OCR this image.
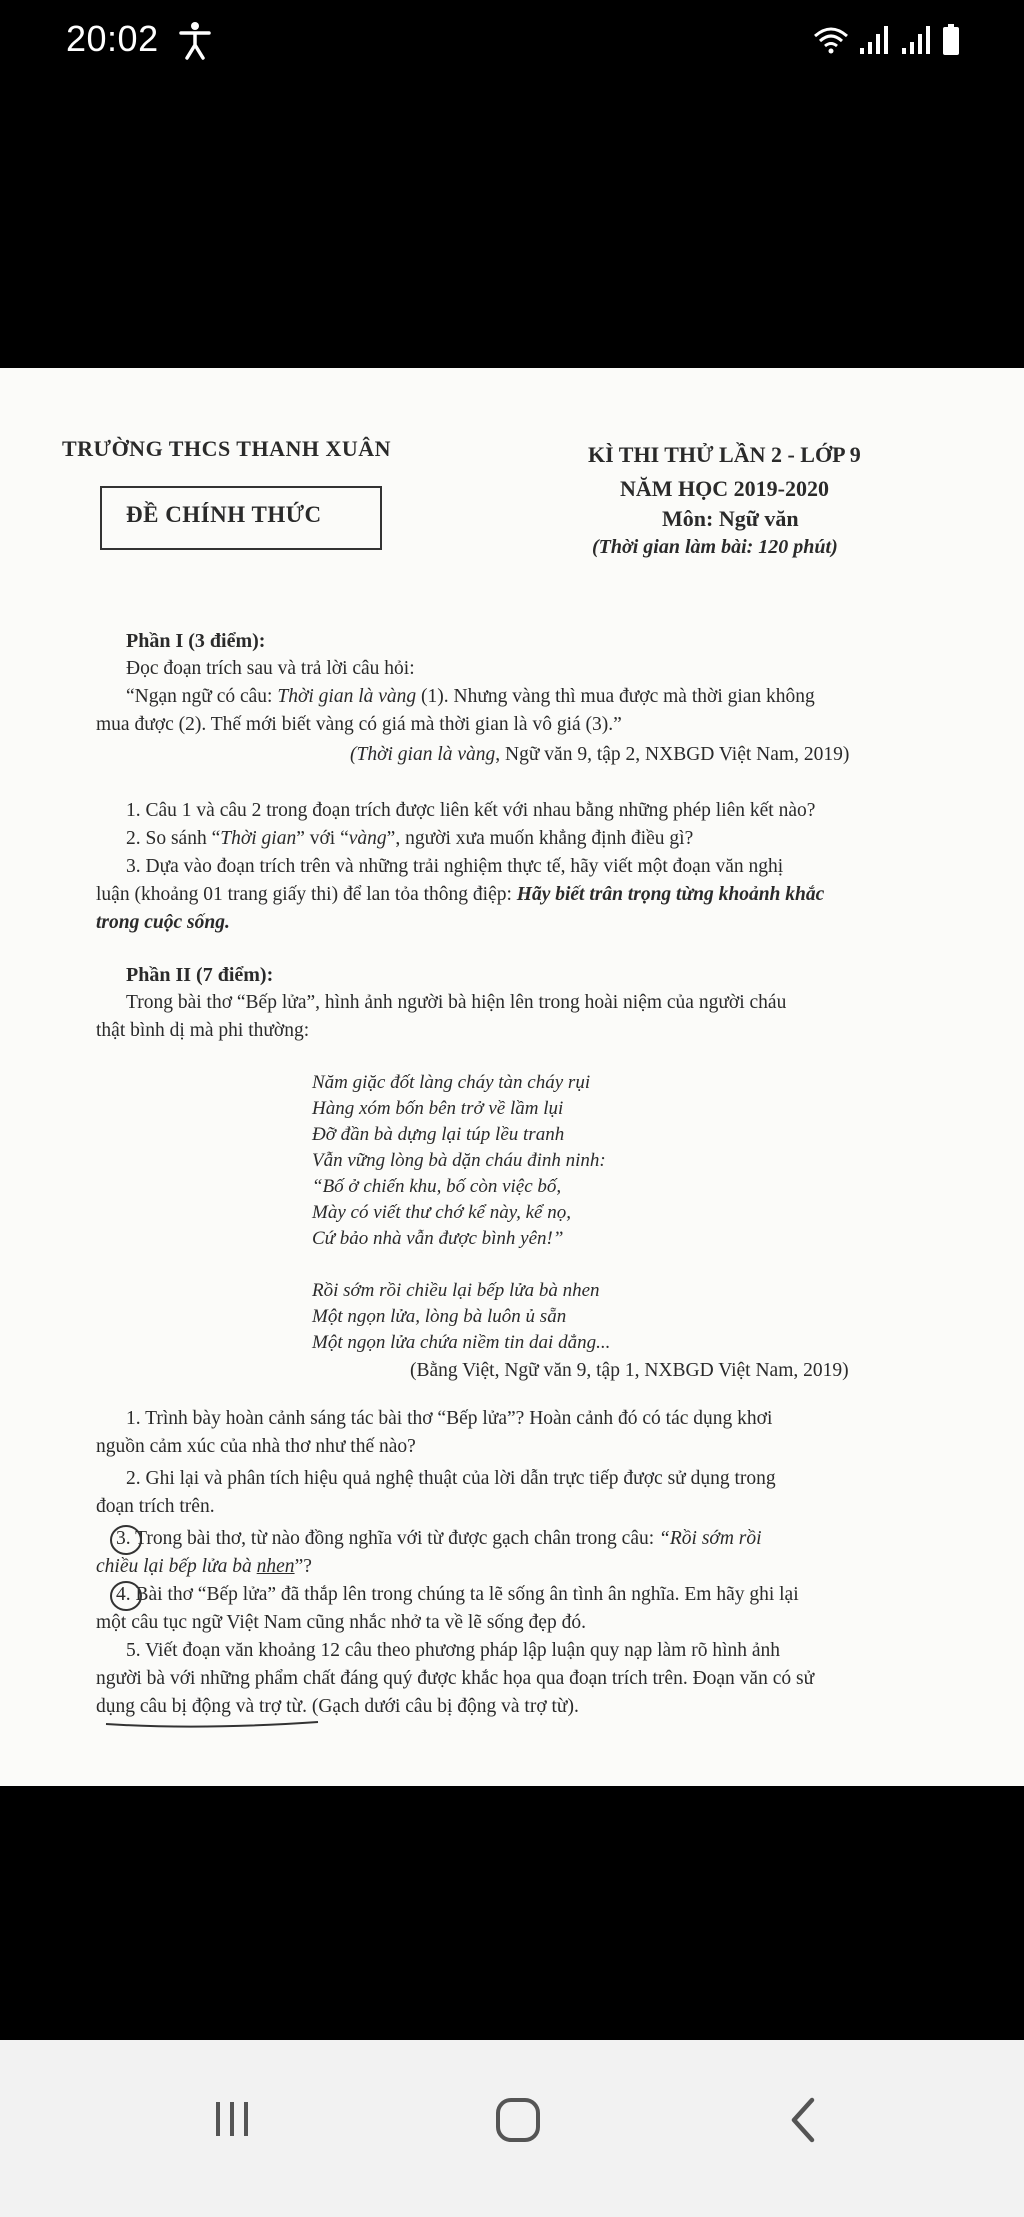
20:02
TRƯỜNG THCS THANH XUÂN
ĐỀ CHÍNH THỨC
KÌ THI THỬ LẦN 2 - LỚP 9
NĂM HỌC 2019-2020
Môn: Ngữ văn
(Thời gian làm bài: 120 phút)
Phần I (3 điểm):
Đọc đoạn trích sau và trả lời câu hỏi:
“Ngạn ngữ có câu: Thời gian là vàng (1). Nhưng vàng thì mua được mà thời gian không
mua được (2). Thế mới biết vàng có giá mà thời gian là vô giá (3).”
(Thời gian là vàng, Ngữ văn 9, tập 2, NXBGD Việt Nam, 2019)
1. Câu 1 và câu 2 trong đoạn trích được liên kết với nhau bằng những phép liên kết nào?
2. So sánh “Thời gian” với “vàng”, người xưa muốn khẳng định điều gì?
3. Dựa vào đoạn trích trên và những trải nghiệm thực tế, hãy viết một đoạn văn nghị
luận (khoảng 01 trang giấy thi) để lan tỏa thông điệp: Hãy biết trân trọng từng khoảnh khắc
trong cuộc sống.
Phần II (7 điểm):
Trong bài thơ “Bếp lửa”, hình ảnh người bà hiện lên trong hoài niệm của người cháu
thật bình dị mà phi thường:
Năm giặc đốt làng cháy tàn cháy rụi
Hàng xóm bốn bên trở về lầm lụi
Đỡ đần bà dựng lại túp lều tranh
Vẫn vững lòng bà dặn cháu đinh ninh:
“Bố ở chiến khu, bố còn việc bố,
Mày có viết thư chớ kể này, kể nọ,
Cứ bảo nhà vẫn được bình yên!”
Rồi sớm rồi chiều lại bếp lửa bà nhen
Một ngọn lửa, lòng bà luôn ủ sẵn
Một ngọn lửa chứa niềm tin dai dẳng...
(Bằng Việt, Ngữ văn 9, tập 1, NXBGD Việt Nam, 2019)
1. Trình bày hoàn cảnh sáng tác bài thơ “Bếp lửa”? Hoàn cảnh đó có tác dụng khơi
nguồn cảm xúc của nhà thơ như thế nào?
2. Ghi lại và phân tích hiệu quả nghệ thuật của lời dẫn trực tiếp được sử dụng trong
đoạn trích trên.
3. Trong bài thơ, từ nào đồng nghĩa với từ được gạch chân trong câu: “Rồi sớm rồi
chiều lại bếp lửa bà nhen”?
4. Bài thơ “Bếp lửa” đã thắp lên trong chúng ta lẽ sống ân tình ân nghĩa. Em hãy ghi lại
một câu tục ngữ Việt Nam cũng nhắc nhở ta về lẽ sống đẹp đó.
5. Viết đoạn văn khoảng 12 câu theo phương pháp lập luận quy nạp làm rõ hình ảnh
người bà với những phẩm chất đáng quý được khắc họa qua đoạn trích trên. Đoạn văn có sử
dụng câu bị động và trợ từ. (Gạch dưới câu bị động và trợ từ).
